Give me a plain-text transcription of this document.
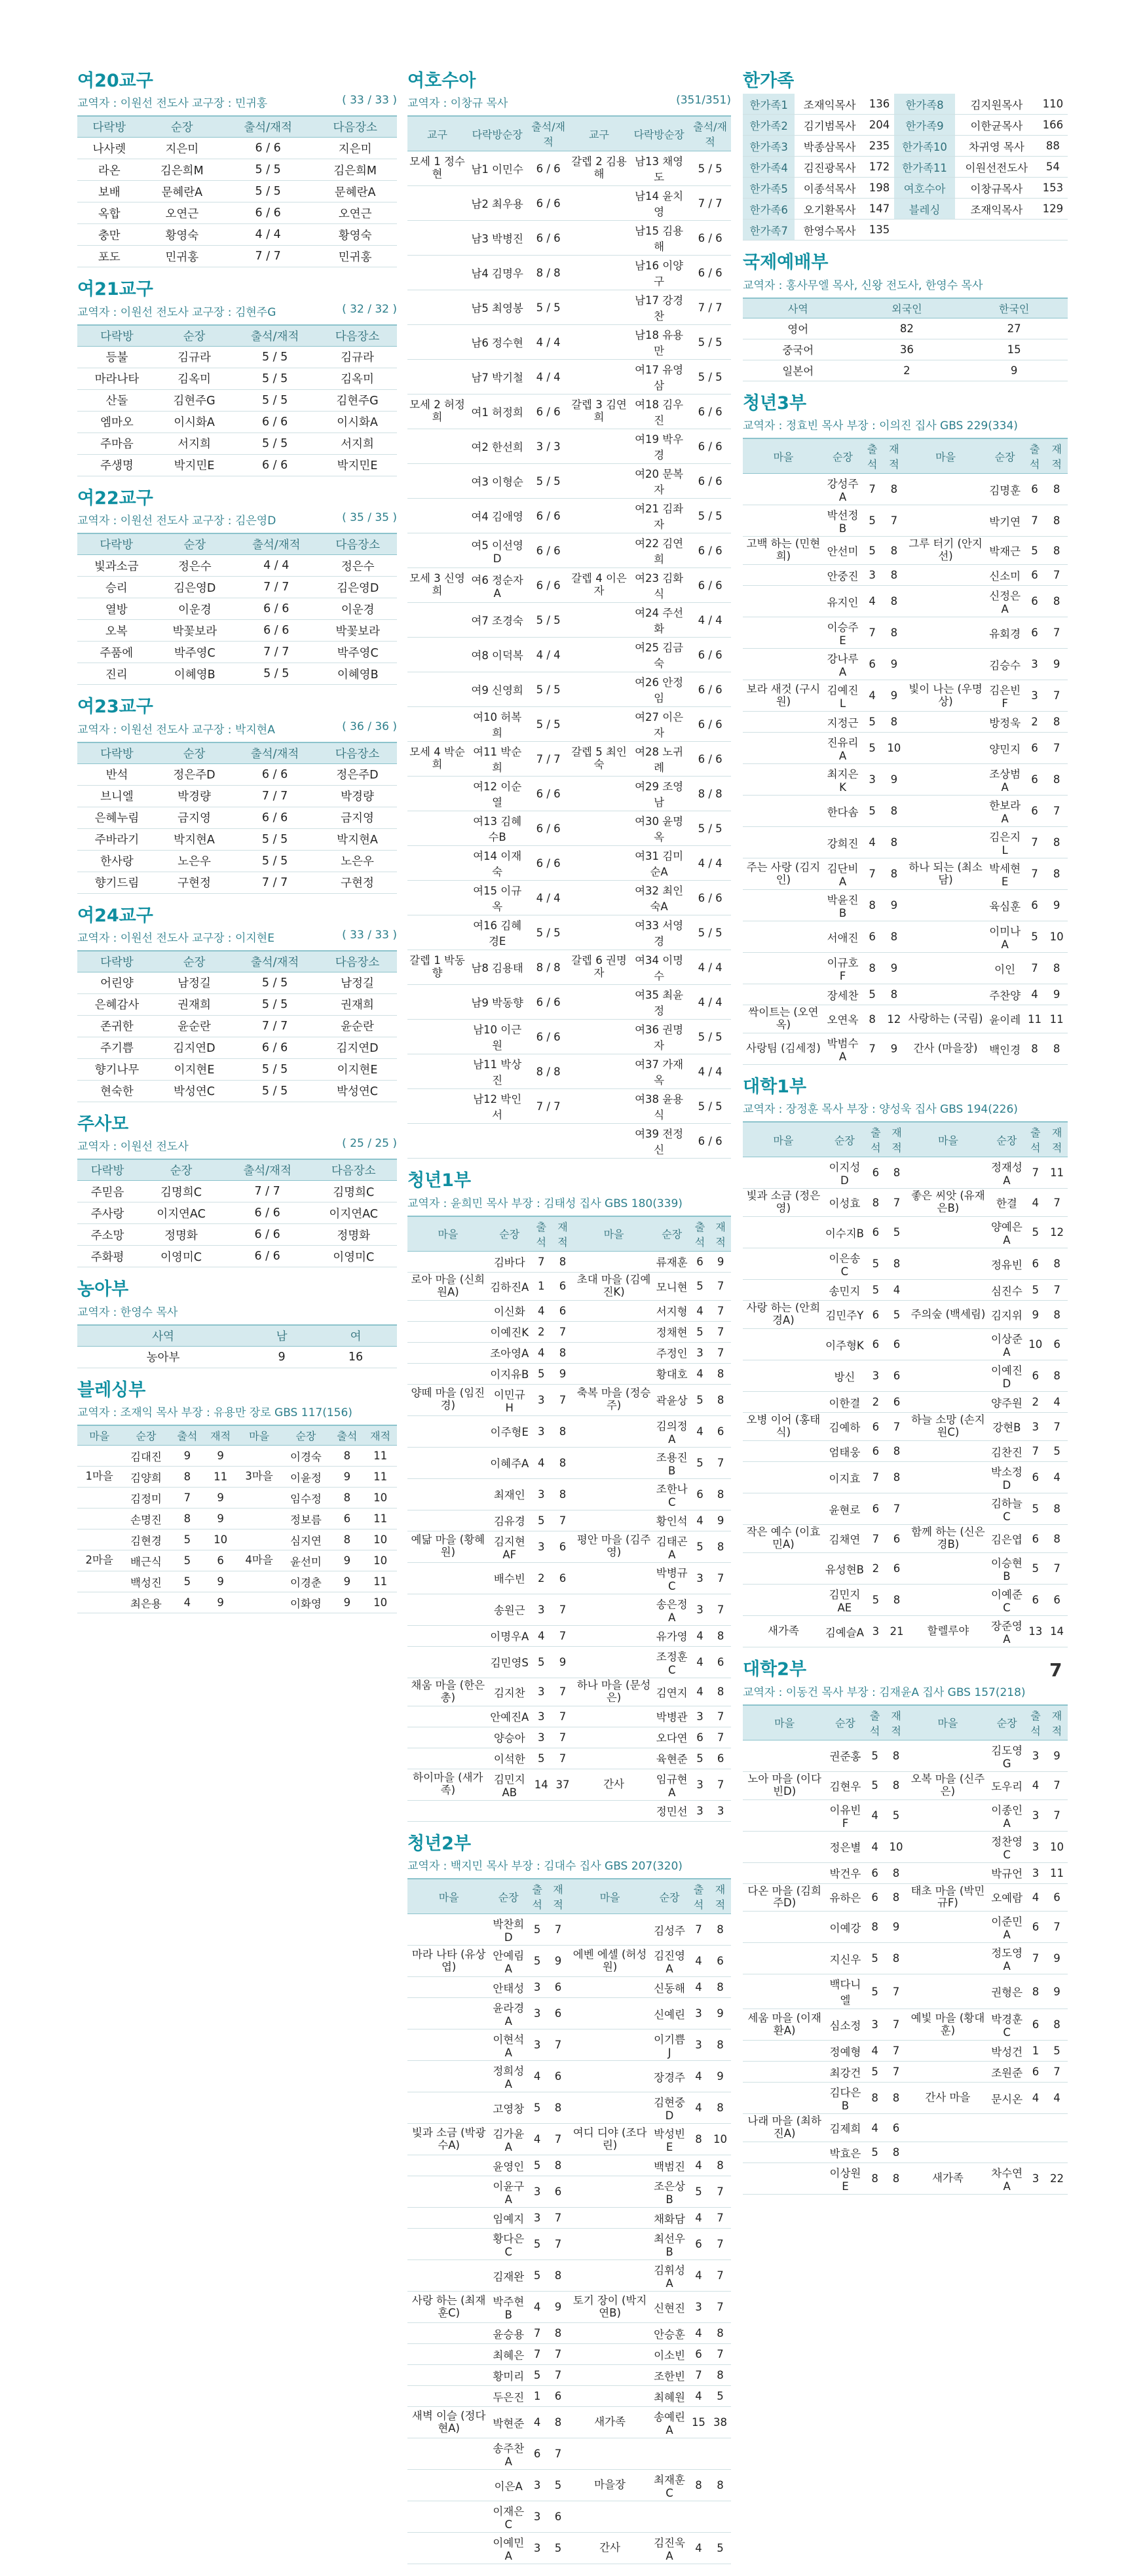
여20교구
교역자 : 이원선 전도사 교구장 : 민귀홍	( 33 / 33 )
다락방	순장	출석/재적	다음장소
나사렛	지은미	6 / 6	지은미
라온	김은희M	5 / 5	김은희M
보배	문혜란A	5 / 5	문혜란A
옥합	오연근	6 / 6	오연근
충만	황영숙	4 / 4	황영숙
포도	민귀홍	7 / 7	민귀홍
여21교구
교역자 : 이원선 전도사 교구장 : 김현주G	( 32 / 32 )
다락방	순장	출석/재적	다음장소
등불	김규라	5 / 5	김규라
마라나타	김옥미	5 / 5	김옥미
산돌	김현주G	5 / 5	김현주G
엠마오	이시화A	6 / 6	이시화A
주마음	서지희	5 / 5	서지희
주생명	박지민E	6 / 6	박지민E
여22교구
교역자 : 이원선 전도사 교구장 : 김은영D	( 35 / 35 )
다락방	순장	출석/재적	다음장소
빛과소금	정은수	4 / 4	정은수
승리	김은영D	7 / 7	김은영D
열방	이운경	6 / 6	이운경
오복	박꽃보라	6 / 6	박꽃보라
주품에	박주영C	7 / 7	박주영C
진리	이혜영B	5 / 5	이혜영B
여23교구
교역자 : 이원선 전도사 교구장 : 박지현A	( 36 / 36 )
다락방	순장	출석/재적	다음장소
반석	정은주D	6 / 6	정은주D
브니엘	박경량	7 / 7	박경량
은혜누림	금지영	6 / 6	금지영
주바라기	박지현A	5 / 5	박지현A
한사랑	노은우	5 / 5	노은우
향기드림	구현정	7 / 7	구현정
여24교구
교역자 : 이원선 전도사 교구장 : 이지현E	( 33 / 33 )
다락방	순장	출석/재적	다음장소
어린양	남정길	5 / 5	남정길
은혜감사	권재희	5 / 5	권재희
존귀한	윤순란	7 / 7	윤순란
주기쁨	김지연D	6 / 6	김지연D
향기나무	이지현E	5 / 5	이지현E
현숙한	박성연C	5 / 5	박성연C
주사모
교역자 : 이원선 전도사	( 25 / 25 )
다락방	순장	출석/재적	다음장소
주믿음	김명희C	7 / 7	김명희C
주사랑	이지연AC	6 / 6	이지연AC
주소망	정명화	6 / 6	정명화
주화평	이영미C	6 / 6	이영미C
농아부
교역자 : 한영수 목사
사역	남	여
농아부	9	16
블레싱부
교역자 : 조재익 목사 부장 : 유용만 장로 GBS 117(156)
마을	순장	출석	재적	마을	순장	출석	재적
	김대진	9	9		이경숙	8	11
1마을	김양희	8	11	3마을	이윤정	9	11
	김정미	7	9		임수정	8	10
	손명진	8	9		정보름	6	11
	김현경	5	10		심지연	8	10
2마을	배근식	5	6	4마을	윤선미	9	10
	백성진	5	9		이경춘	9	11
	최은용	4	9		이화영	9	10
여호수아
교역자 : 이창규 목사	(351/351)
교구	다락방순장	출석/재적	교구	다락방순장	출석/재적
모세 1 정수현	남1 이민수	6 / 6	갈렙 2 김용해	남13 채영도	5 / 5
	남2 최우용	6 / 6		남14 윤치영	7 / 7
	남3 박병진	6 / 6		남15 김용해	6 / 6
	남4 김명우	8 / 8		남16 이양구	6 / 6
	남5 최영봉	5 / 5		남17 강경찬	7 / 7
	남6 정수현	4 / 4		남18 유용만	5 / 5
	남7 박기철	4 / 4		여17 유영삼	5 / 5
모세 2 허정희	여1 허정희	6 / 6	갈렙 3 김연희	여18 김우진	6 / 6
	여2 한선희	3 / 3		여19 박우경	6 / 6
	여3 이형순	5 / 5		여20 문복자	6 / 6
	여4 김애영	6 / 6		여21 김좌자	5 / 5
	여5 이선영D	6 / 6		여22 김연희	6 / 6
모세 3 신영희	여6 정순자A	6 / 6	갈렙 4 이은자	여23 김화식	6 / 6
	여7 조경숙	5 / 5		여24 주선화	4 / 4
	여8 이덕복	4 / 4		여25 김금숙	6 / 6
	여9 신영희	5 / 5		여26 안정임	6 / 6
	여10 허복희	5 / 5		여27 이은자	6 / 6
모세 4 박순희	여11 박순희	7 / 7	갈렙 5 최인숙	여28 노귀례	6 / 6
	여12 이순열	6 / 6		여29 조영남	8 / 8
	여13 김혜수B	6 / 6		여30 윤명옥	5 / 5
	여14 이재숙	6 / 6		여31 김미순A	4 / 4
	여15 이규옥	4 / 4		여32 최인숙A	6 / 6
	여16 김혜경E	5 / 5		여33 서영경	5 / 5
갈렙 1 박동향	남8 김용태	8 / 8	갈렙 6 권명자	여34 이명수	4 / 4
	남9 박동향	6 / 6		여35 최윤정	4 / 4
	남10 이근원	6 / 6		여36 권명자	5 / 5
	남11 박상진	8 / 8		여37 가재옥	4 / 4
	남12 박인서	7 / 7		여38 윤용식	5 / 5
				여39 전정신	6 / 6
청년1부
교역자 : 윤희민 목사 부장 : 김태성 집사 GBS 180(339)
마을	순장	출석	재적	마을	순장	출석	재적
	김바다	7	8		류재훈	6	9
로아 마을 (신희원A)	김하진A	1	6	초대 마을 (김예진K)	모니현	5	7
	이신화	4	6		서지형	4	7
	이예진K	2	7		정채현	5	7
	조아영A	4	8		주정인	3	7
	이지유B	5	9		황대호	4	8
양떼 마을 (임진경)	이민규H	3	7	축복 마을 (정승주)	곽윤상	5	8
	이주형E	3	8		김의정A	4	6
	이혜주A	4	8		조용진B	5	7
	최재인	3	8		조한나C	6	8
	김유경	5	7		황인석	4	9
예닮 마을 (황혜원)	김지현AF	3	6	평안 마을 (김주영)	김태곤A	5	8
	배수빈	2	6		박병규C	3	7
	송원근	3	7		송은정A	3	7
	이명우A	4	7		유가영	4	8
	김민영S	5	9		조정훈C	4	6
채움 마을 (한은총)	김지찬	3	7	하나 마을 (문성은)	김연지	4	8
	안예진A	3	7		박병관	3	7
	양승아	3	7		오다연	6	7
	이석한	5	7		육현준	5	6
하이마을 (새가족)	김민지AB	14	37	간사	임규현A	3	7
					정민선	3	3
청년2부
교역자 : 백지민 목사 부장 : 김대수 집사 GBS 207(320)
마을	순장	출석	재적	마을	순장	출석	재적
	박찬희D	5	7		김성주	7	8
마라 나타 (유상엽)	안예림A	5	9	에벤 에셀 (허성원)	김진영A	4	6
	안태성	3	6		신동해	4	8
	윤라경A	3	6		신예린	3	9
	이현석A	3	7		이기쁨J	3	8
	정희성A	4	6		장경주	4	9
	고영창	5	8		김현중D	4	8
빛과 소금 (박광수A)	김가윤A	4	7	여디 디야 (조다린)	박성빈E	8	10
	윤영인	5	8		백범진	4	8
	이윤구A	3	6		조은상B	5	7
	임예지	3	7		채화담	4	7
	황다은C	5	7		최선우B	6	7
	김재완	5	8		김휘성A	4	7
사랑 하는 (최재훈C)	박주현B	4	9	토기 장이 (박지연B)	신현진	3	7
	윤승용	7	8		안승훈	4	8
	최혜은	7	7		이소빈	6	7
	황미리	5	7		조한빈	7	8
	두은진	1	6		최혜원	4	5
새벽 이슬 (정다현A)	박현준	4	8	새가족	송예린A	15	38
	송주찬A	6	7				
	이은A	3	5	마을장	최재훈C	8	8
	이재은C	3	6				
	이예민A	3	5	간사	김진욱A	4	5
한가족
한가족1	조재익목사	136	한가족8	김지원목사	110
한가족2	김기범목사	204	한가족9	이한균목사	166
한가족3	박종삼목사	235	한가족10	차귀영 목사	88
한가족4	김진광목사	172	한가족11	이원선전도사	54
한가족5	이종석목사	198	여호수아	이창규목사	153
한가족6	오기환목사	147	블레싱	조재익목사	129
한가족7	한영수목사	135			
국제예배부
교역자 : 홍사무엘 목사, 신왕 전도사, 한영수 목사
사역	외국인	한국인
영어	82	27
중국어	36	15
일본어	2	9
청년3부
교역자 : 정효빈 목사 부장 : 이의진 집사 GBS 229(334)
마을	순장	출석	재적	마을	순장	출석	재적
	강성주A	7	8		김명훈	6	8
	박선정B	5	7		박기연	7	8
고백 하는 (민현희)	안선미	5	8	그루 터기 (안지선)	박재근	5	8
	안중진	3	8		신소미	6	7
	유지인	4	8		신정은A	6	8
	이승주E	7	8		유회경	6	7
	강나루A	6	9		김승수	3	9
보라 새것 (구시원)	김예진L	4	9	빛이 나는 (우명상)	김은빈F	3	7
	지정근	5	8		방정욱	2	8
	진유리A	5	10		양민지	6	7
	최지은K	3	9		조상범A	6	8
	한다솜	5	8		한보라A	6	7
	강희진	4	8		김은지L	7	8
주는 사랑 (김지인)	김단비A	7	8	하나 되는 (최소담)	박세현E	7	8
	박윤진B	8	9		육심훈	6	9
	서애진	6	8		이미나A	5	10
	이규호F	8	9		이인	7	8
	장세찬	5	8		주찬양	4	9
싹이트는 (오연옥)	오연옥	8	12	사랑하는 (국림)	윤이레	11	11
사랑팀 (김세정)	박범수A	7	9	간사 (마을장)	백인경	8	8
대학1부
교역자 : 장정훈 목사 부장 : 양성욱 집사 GBS 194(226)
마을	순장	출석	재적	마을	순장	출석	재적
	이지성D	6	8		정재성A	7	11
빛과 소금 (정은영)	이성효	8	7	좋은 씨앗 (유재은B)	한결	4	7
	이수지B	6	5		양예은A	5	12
	이은송C	5	8		정유빈	6	8
	송민지	5	4		심진수	5	7
사랑 하는 (안희경A)	김민주Y	6	5	주의숲 (백세림)	김지위	9	8
	이주형K	6	6		이상준A	10	6
	방신	3	6		이예진D	6	8
	이한결	2	6		양주원	2	4
오병 이어 (홍태식)	김예하	6	7	하늘 소망 (손지원C)	강현B	3	7
	엄태웅	6	8		김찬진	7	5
	이지효	7	8		박소정D	6	4
	윤현로	6	7		김하늘C	5	8
작은 예수 (이효민A)	김채연	7	6	함께 하는 (신은경B)	김은엽	6	8
	유성현B	2	6		이승현B	5	7
	김민지AE	5	8		이예준C	6	6
새가족	김예슬A	3	21	할렐루야	장준영A	13	14
대학2부
교역자 : 이동건 목사 부장 : 김재윤A 집사 GBS 157(218)
마을	순장	출석	재적	마을	순장	출석	재적
	권준홍	5	8		김도영G	3	9
노아 마을 (이다빈D)	김현우	5	8	오복 마을 (신주은)	도우리	4	7
	이유빈F	4	5		이종인A	3	7
	정은별	4	10		정찬영C	3	10
	박건우	6	8		박규언	3	11
다온 마을 (김희주D)	유하은	6	8	태초 마을 (박민규F)	오예람	4	6
	이예강	8	9		이준민A	6	7
	지신우	5	8		정도영A	7	9
	백다니엘	5	7		권형은	8	9
세움 마을 (이재환A)	심소정	3	7	예빛 마을 (황대훈)	박경훈C	6	8
	정예형	4	7		박성건	1	5
	최강건	5	7		조원준	6	7
	김다은B	8	8	간사 마을	문시온	4	4
나래 마을 (최하진A)	김제희	4	6				
	박효은	5	8				
	이상원E	8	8	새가족	차수연A	3	22
7
